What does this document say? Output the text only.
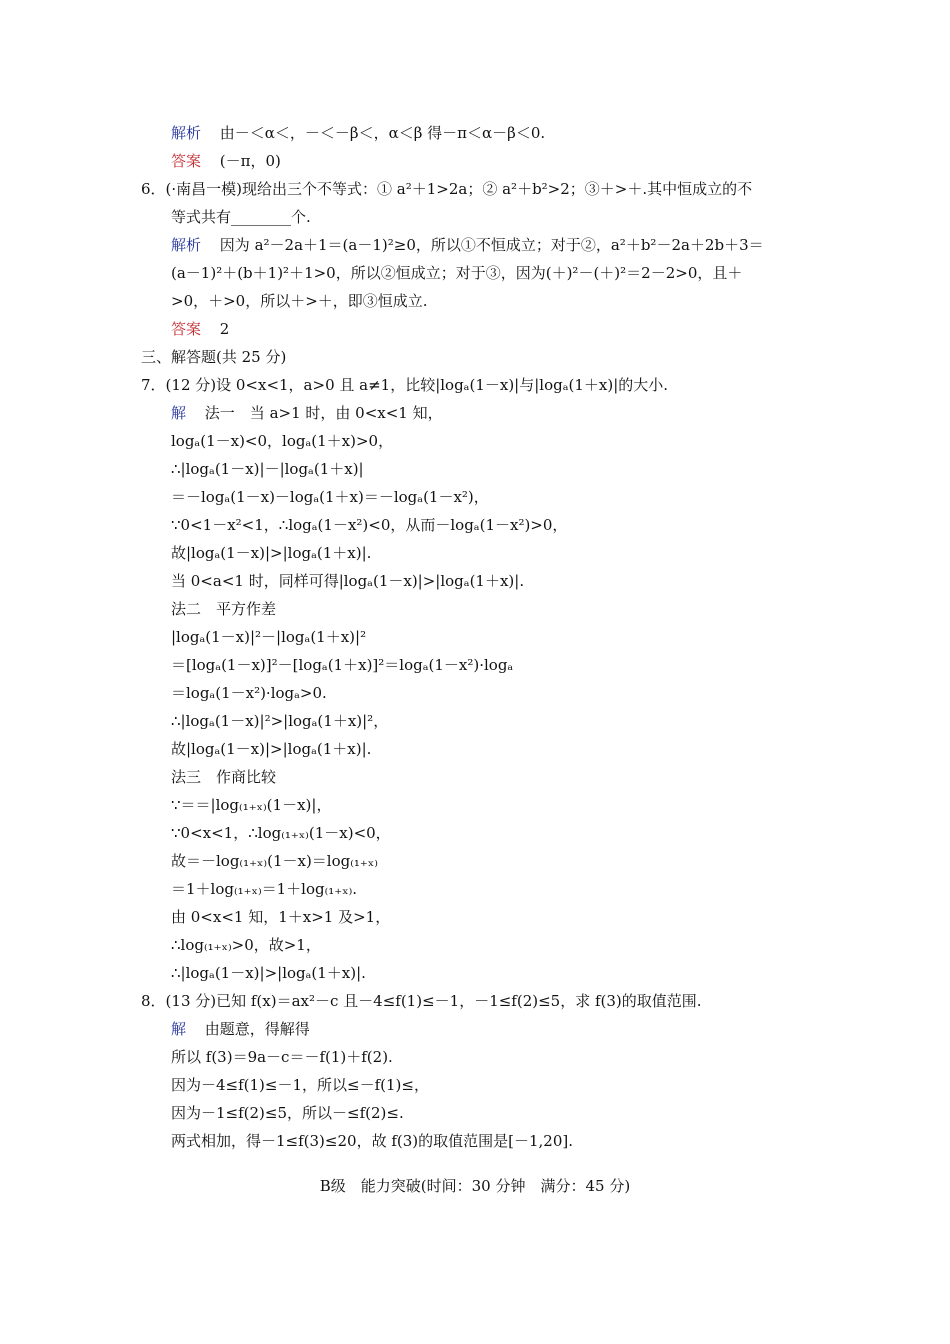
解析 由－＜α＜，－＜－β＜，α＜β 得－π＜α－β＜0.
答案 (－π，0)
6．(·南昌一模)现给出三个不等式：① a²＋1>2a；② a²＋b²>2；③＋>＋.其中恒成立的不
等式共有________个.
解析 因为 a²－2a＋1＝(a－1)²≥0，所以①不恒成立；对于②，a²＋b²－2a＋2b＋3＝
(a－1)²＋(b＋1)²＋1>0，所以②恒成立；对于③，因为(＋)²－(＋)²＝2－2>0，且＋
>0，＋>0，所以＋>＋，即③恒成立.
答案 2
三、解答题(共 25 分)
7．(12 分)设 0<x<1，a>0 且 a≠1，比较|logₐ(1－x)|与|logₐ(1＋x)|的大小.
解 法一　当 a>1 时，由 0<x<1 知，
logₐ(1－x)<0，logₐ(1＋x)>0，
∴|logₐ(1－x)|－|logₐ(1＋x)|
＝－logₐ(1－x)－logₐ(1＋x)＝－logₐ(1－x²)，
∵0<1－x²<1，∴logₐ(1－x²)<0，从而－logₐ(1－x²)>0，
故|logₐ(1－x)|>|logₐ(1＋x)|.
当 0<a<1 时，同样可得|logₐ(1－x)|>|logₐ(1＋x)|.
法二　平方作差
|logₐ(1－x)|²－|logₐ(1＋x)|²
＝[logₐ(1－x)]²－[logₐ(1＋x)]²＝logₐ(1－x²)·logₐ
＝logₐ(1－x²)·logₐ>0.
∴|logₐ(1－x)|²>|logₐ(1＋x)|²，
故|logₐ(1－x)|>|logₐ(1＋x)|.
法三　作商比较
∵＝＝|log₍₁₊ₓ₎(1－x)|，
∵0<x<1，∴log₍₁₊ₓ₎(1－x)<0，
故＝－log₍₁₊ₓ₎(1－x)＝log₍₁₊ₓ₎
＝1＋log₍₁₊ₓ₎＝1＋log₍₁₊ₓ₎.
由 0<x<1 知，1＋x>1 及>1，
∴log₍₁₊ₓ₎>0，故>1，
∴|logₐ(1－x)|>|logₐ(1＋x)|.
8．(13 分)已知 f(x)＝ax²－c 且－4≤f(1)≤－1，－1≤f(2)≤5，求 f(3)的取值范围.
解 由题意，得解得
所以 f(3)＝9a－c＝－f(1)＋f(2).
因为－4≤f(1)≤－1，所以≤－f(1)≤，
因为－1≤f(2)≤5，所以－≤f(2)≤.
两式相加，得－1≤f(3)≤20，故 f(3)的取值范围是[－1,20].
B级　能力突破(时间：30 分钟　满分：45 分)
